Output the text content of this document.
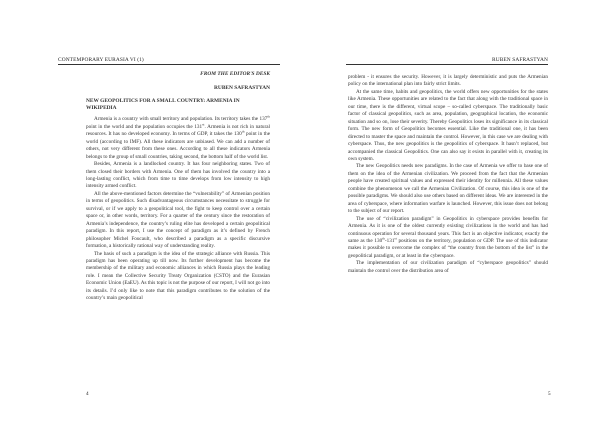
CONTEMPORARY EURASIA VI (1)

FROM THE EDITOR'S DESK

RUBEN SAFRASTYAN

NEW GEOPOLITICS FOR A SMALL COUNTRY: ARMENIA IN WIKIPEDIA

Armenia is a country with small territory and population. Its territory takes the 137th point in the world and the population occupies the 131st. Armenia is not rich in natural resources. It has no developed economy. In terms of GDP, it takes the 130th point in the world (according to IMF). All these indicators are unbiased. We can add a number of others, not very different from these ones. According to all these indicators Armenia belongs to the group of small countries, taking second, the bottom half of the world list.

Besides, Armenia is a landlocked country. It has four neighboring states. Two of them closed their borders with Armenia. One of them has involved the country into a long-lasting conflict, which from time to time develops from low intensity to high intensity armed conflict.

All the above-mentioned factors determine the “vulnerability” of Armenian position in terms of geopolitics. Such disadvantageous circumstances necessitate to struggle for survival, or if we apply to a geopolitical tool, the fight to keep control over a certain space or, in other words, territory. For a quarter of the century since the restoration of Armenia’s independence, the country’s ruling elite has developed a certain geopolitical paradigm. In this report, I use the concept of paradigm as it’s defined by French philosopher Michel Foucault, who described a paradigm as a specific discursive formation, a historically rational way of understanding reality.

The basis of such a paradigm is the idea of the strategic alliance with Russia. This paradigm has been operating up till now. Its further development has become the membership of the military and economic alliances in which Russia plays the leading role. I mean the Collective Security Treaty Organization (CSTO) and the Eurasian Economic Union (EaEU). As this topic is not the purpose of our report, I will not go into its details. I’d only like to note that this paradigm contributes to the solution of the country’s main geopolitical

4
RUBEN SAFRASTYAN

problem - it ensures the security. However, it is largely deterministic and puts the Armenian policy on the international plan into fairly strict limits.

At the same time, habits and geopolitics, the world offers new opportunities for the states like Armenia. These opportunities are related to the fact that along with the traditional space in our time, there is the different, virtual scope – so-called cyberspace. The traditionally basic factor of classical geopolitics, such as area, population, geographical location, the economic situation and so on, lose their severity. Thereby Geopolitics loses its significance in its classical form. The new form of Geopolitics becomes essential. Like the traditional one, it has been directed to master the space and maintain the control. However, in this case we are dealing with cyberspace. Thus, the new geopolitics is the geopolitics of cyberspace. It hasn’t replaced, but accompanied the classical Geopolitics. One can also say it exists in parallel with it, creating its own system.

The new Geopolitics needs new paradigms. In the case of Armenia we offer to base one of them on the idea of the Armenian civilization. We proceed from the fact that the Armenian people have created spiritual values and expressed their identity for millennia. All these values combine the phenomenon we call the Armenian Civilization. Of course, this idea is one of the possible paradigms. We should also use others based on different ideas. We are interested in the area of cyberspace, where information warfare is launched. However, this issue does not belong to the subject of our report.

The use of “civilization paradigm” in Geopolitics in cyberspace provides benefits for Armenia. As it is one of the oldest currently existing civilizations in the world and has had continuous operation for several thousand years. This fact is an objective indicator, exactly the same as the 130th-131st positions on the territory, population or GDP. The use of this indicator makes it possible to overcome the complex of “the country from the bottom of the list” in the geopolitical paradigm, or at least in the cyberspace.

The implementation of our civilization paradigm of “cyberspace geopolitics” should maintain the control over the distribution area of

5
